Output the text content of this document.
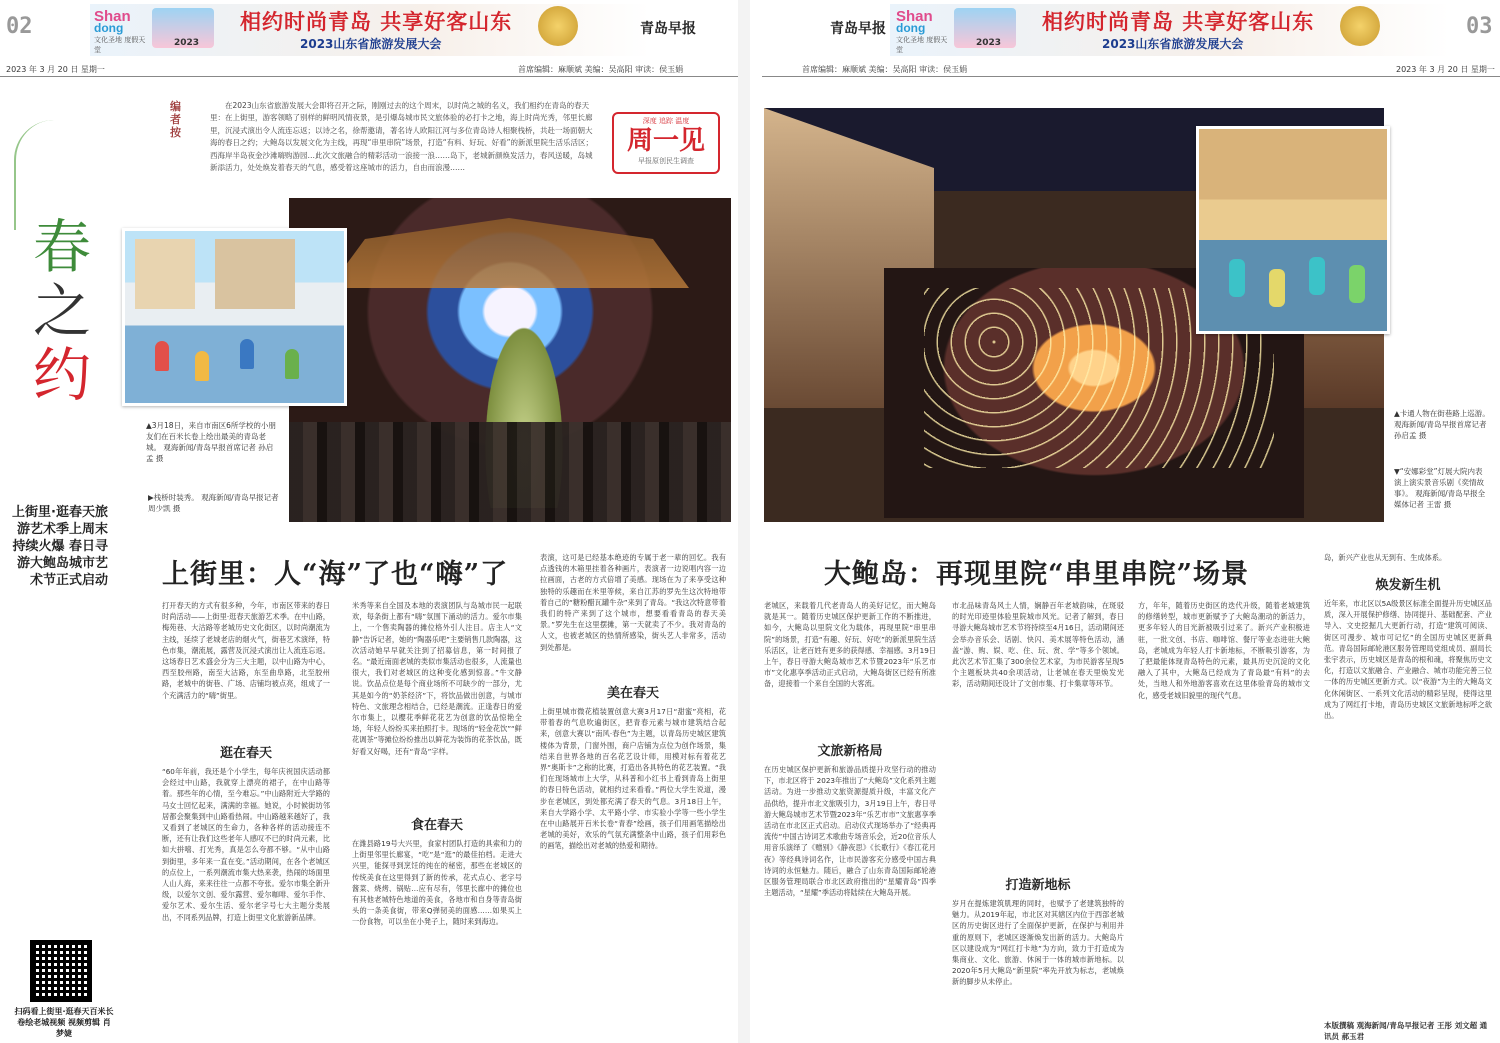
02	Shan
dong
文化圣地 度假天堂
2023
相约时尚青岛 共享好客山东
2023山东省旅游发展大会
青岛早报
2023 年 3 月 20 日 星期一	首席编辑：麻顺斌 美编：吴高阳 审读：侯玉娟
春
之
约
编者按
在2023山东省旅游发展大会即将召开之际，刚刚过去的这个周末，以时尚之城的名义，我们相约在青岛的春天里：在上街里，游客领略了别样的鲜明风情夜景，是引爆岛城市民文旅体验的必打卡之地，海上时尚光秀，邻里长廊里，沉浸式演出令人流连忘返；以诗之名，徐帮邀请，著名诗人欧阳江河与多位青岛诗人相聚栈桥，共赴一场面朝大海的春日之约；大鲍岛以发展文化为主线，再现“串里串院”场景，打造“有料、好玩、好看”的新派里院生活乐活区；西海岸半岛夜金沙滩嗨购游园…此次文旅融合的精彩活动一浪接一浪……岛下，老城新颜焕发活力，春风送暖，岛城新添活力，处处焕发着春天的气息，感受着这座城市的活力，自由而浪漫……
深度 追踪 温度
周一见
早报原创民生调查
▲3月18日，来自市南区6所学校的小朋友们在百米长卷上绘出最美的青岛老城。 观海新闻/青岛早报首席记者 孙启孟 摄
▶栈桥时装秀。 观海新闻/青岛早报记者 周少凯 摄
上街里·逛春天旅游艺术季上周末持续火爆 春日寻游大鲍岛城市艺术节正式启动 上街里：人“海”了也“嗨”了
打开春天的方式有很多种，今年，市南区带来的春日时尚活动——上街里·逛春天旅游艺术季。在中山路，梅苑巷、大沽路等老城历史文化街区，以时尚潮流为主线，延续了老城老店的烟火气，街巷艺术演绎，特色市集，潮流展，露营及沉浸式演出让人流连忘返。这场春日艺术盛会分为三大主题，以中山路为中心，西至胶州路，南至大沽路，东至曲阜路，北至胶州路，老城中的街巷、广场、店铺均被点亮，组成了一个充满活力的“嗨”街里。
逛在春天
“60年年前，我还是个小学生，每年庆祝国庆活动都会经过中山路，我就穿上漂亮的裙子，在中山路等着。那些年的心情，至今难忘。”中山路附近大学路的马女士回忆起来，满满的幸福。她说，小时候街坊邻居都会聚集到中山路看热闹。中山路越来越好了，我又看到了老城区的生命力，各种各样的活动接连不断，还有让我们这些老年人感叹不已的时尚元素，比如大拼嘻、打光秀，真是怎么夸都不够。“从中山路到街里，多年来一直在变。”活动期间，在各个老城区的点位上，一系列潮流市集大热来袭，热闹的场面里人山人海，来来往往一点都不夸张。爱尔市集全新升级，以爱尔文创、爱尔露营、爱尔咖啡、爱尔手作、爱尔艺术、爱尔生活、爱尔老字号七大主题分类展出，不同系列品牌，打造上街里文化旅游新品牌。
米秀等来自全国及本地的表演团队与岛城市民一起联欢，每条街上都有“嗨”氛围下涌动的活力。爱尔市集上，一个售卖陶器的摊位格外引人注目。店主人“文静”告诉记者，她的“陶器乐吧”主要销售几款陶器，这次活动她早早就关注到了招募信息，第一时间报了名。“最近南面老城的类似市集活动也很多，人流量也很大，我们对老城区的这种变化感到惊喜。”牛文静说。饮品点位是每个商业场所不可缺少的一部分，尤其是如今的“奶茶经济”下，将饮品做出创意，与城市特色、文旅理念相结合，已经是潮流。正逢春日的爱尔市集上，以樱花季鲜花花艺为创意的饮品惊艳全场，年轻人纷纷买来拍照打卡。现场的“轻金花饮”“鲜花调茶”等摊位纷纷推出以鲜花为装饰的花茶饮品，既好看又好喝，还有“青岛”字样。
食在春天
在潍县路19号大兴里，食家村团队打造的具索和力的上街里邻里长廊宴，“吃”是“逛”的最佳拍档。走进大兴里，能探寻到烹饪的纯在的秘密，那些在老城区的传统美食在这里得到了新的传承，花式点心、老字号酱菜、烧烤、锅贴…应有尽有，邻里长廊中的摊位也有其他老城特色地道的美食，各地市和自身等青岛街头的一条美食街，带来Q弹韧美的面感……如果买上一份食物，可以坐在小凳子上，随时来到海边。
表演，这可是已经基本绝迹的专属于老一辈的回忆。我有点透钱的木箱里挂着各种画片，表演者一边说唱内容一边拉画面，古老的方式倍增了美感。现场在为了来享受这种独特的乐趣而在米里等候，来自江苏的罗先生这次特地带着自己的“糖粉醋瓦罐牛杂”来到了青岛。“我这次特意带着我们的特产来到了这个城市，想要看看青岛的春天美景。”罗先生在这里摆摊，第一天就卖了不少。我对青岛的人文，也被老城区的热情所感染，街头艺人非常多，活动到处都是。
美在春天
上街里城市微花植装置创意大赛3月17日“甜蜜”亮相，花带着春的气息吹遍街区，把青春元素与城市建筑结合起来，创意大赛以“南风·春色”为主题，以青岛历史城区建筑楼体为背景，门窗外围，商户店铺为点位为创作场景，集结来自世界各地的百名花艺设计师，用模对标有着花艺界“奥斯卡”之称的比赛，打造出各具特色的花艺装置。“我们在现场城市上大学，从科普和小红书上看到青岛上街里的春日特色活动，就相约过来看看。”两位大学生说道，漫步在老城区，到处都充满了春天的气息。3月18日上午，来自大学路小学、太平路小学、市实验小学等一些小学生在中山路展开百米长卷“青春”绘画，孩子们用画笔描绘出老城的美好，欢乐的气氛充满整条中山路，孩子们用彩色的画笔，描绘出对老城的热爱和期待。
扫码看上街里·逛春天百米长卷绘老城视频 视频剪辑 肖梦婕
青岛早报
Shan
dong
文化圣地 度假天堂
2023
相约时尚青岛 共享好客山东
2023山东省旅游发展大会
03
首席编辑：麻顺斌 美编：吴高阳 审读：侯玉娟	2023 年 3 月 20 日 星期一
▲卡通人物在街巷路上巡游。 观海新闻/青岛早报首席记者 孙启孟 摄
▼“安娜彩堂”灯展大院内表演上演实景音乐剧《奕情故事》。 观海新闻/青岛早报全媒体记者 王雷 摄
大鲍岛：再现里院“串里串院”场景
老城区，来载着几代老青岛人的美好记忆，而大鲍岛就是其一。随着历史城区保护更新工作的不断推进，如今，大鲍岛以里院文化为载体，再现里院“串里串院”的场景，打造“有趣、好玩、好吃”的新派里院生活乐活区，让老百姓有更多的获得感、幸福感。3月19日上午，春日寻游大鲍岛城市艺术节暨2023年“乐艺市市”文化惠享季活动正式启动，大鲍岛街区已经有所准备，迎接着一个来自全国的大客流。
文旅新格局
在历史城区保护更新和旅游品质提升攻坚行动的推动下，市北区将于 2023年推出了“大鲍岛”文化系列主题活动。为进一步推动文旅资源提质升级，丰富文化产品供给，提升市北文旅吸引力，3月19日上午，春日寻游大鲍岛城市艺术节暨2023年“乐艺市市”文旅惠享季活动在市北区正式启动。启动仪式现场举办了“经典再流传”中国古诗词艺术歌曲专场音乐会，近20位音乐人用音乐演绎了《赠别》《静夜思》《长歌行》《春江花月夜》等经典诗词名作，让市民游客充分感受中国古典诗词的永恒魅力。随后，融合了山东青岛国际邮轮港区服务管理局联合市北区政府推出的“星耀青岛”四季主题活动，“星耀”季活动将陆续在大鲍岛开展。
市北品味青岛风土人情，娴静百年老城韵味，在斑驳的时光印迹里体验里院城市风光。记者了解到，春日寻游大鲍岛城市艺术节将持续至4月16日，活动期间还会举办音乐会、话剧、快闪、美术展等特色活动，涵盖“游、购、娱、吃、住、玩、赏、学”等多个领域。此次艺术节汇集了300余位艺术家，为市民游客呈现5个主题板块共40余项活动，让老城在春天里焕发光彩，活动期间还设计了文创市集、打卡集章等环节。
打造新地标
岁月在提炼建筑肌理的同时，也赋予了老建筑独特的魅力。从2019年起，市北区对其辖区内位于西部老城区的历史街区进行了全面保护更新，在保护与利用并重的原则下，老城区逐渐焕发出新的活力。大鲍岛片区以建设成为“网红打卡地”为方向，致力于打造成为集商业、文化、旅游、休闲于一体的城市新地标。以2020年5月大鲍岛“新里院”率先开放为标志，老城焕新的脚步从未停止。
方，年年，随着历史街区的迭代升级，随着老城建筑的修缮转型，城市更新赋予了大鲍岛潮动的新活力，更多年轻人的目光新被吸引过来了。新兴产业积极进驻，一批文创、书店、咖啡馆、餐厅等业态进驻大鲍岛，老城成为年轻人打卡新地标，不断吸引游客，为了把最能体现青岛特色的元素，最具历史沉淀的文化融入了其中，大鲍岛已经成为了青岛最“有料”的去处，当地人和外地游客喜欢在这里体验青岛的城市文化，感受老城旧貌里的现代气息。
岛，新兴产业也从无到有、生成体系。
焕发新生机
近年来，市北区以5A级景区标准全面提升历史城区品质，深入开展保护修缮、协同提升、基础配套、产业导入、文史挖掘几大更新行动，打造“建筑可阅读、街区可漫步、城市可记忆”的全国历史城区更新典范。青岛国际邮轮港区服务管理局党组成员、副局长张宇表示，历史城区是青岛的根和魂，将聚焦历史文化，打造以文旅融合、产业融合、城市功能完善三位一体的历史城区更新方式。以“夜游”为主的大鲍岛文化休闲街区、一系列文化活动的精彩呈现，使得这里成为了网红打卡地，青岛历史城区文旅新地标呼之欲出。
本版撰稿 观海新闻/青岛早报记者 王彤 刘文超 通讯员 郝玉君
